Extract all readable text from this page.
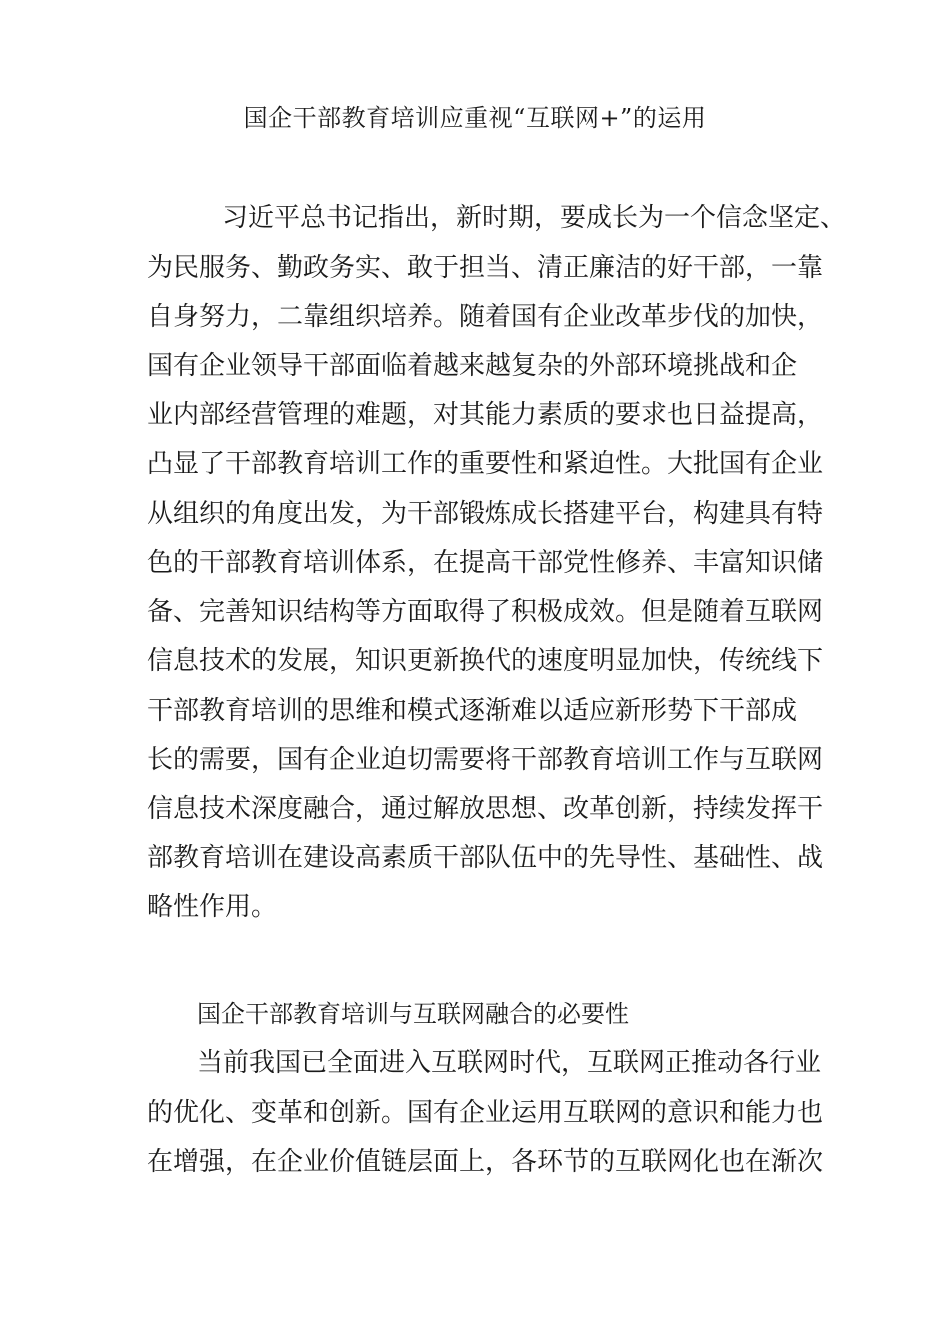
国企干部教育培训应重视“互联网+”的运用
习近平总书记指出，新时期，要成长为一个信念坚定、
为民服务、勤政务实、敢于担当、清正廉洁的好干部，一靠
自身努力，二靠组织培养。随着国有企业改革步伐的加快，
国有企业领导干部面临着越来越复杂的外部环境挑战和企
业内部经营管理的难题，对其能力素质的要求也日益提高，
凸显了干部教育培训工作的重要性和紧迫性。大批国有企业
从组织的角度出发，为干部锻炼成长搭建平台，构建具有特
色的干部教育培训体系，在提高干部党性修养、丰富知识储
备、完善知识结构等方面取得了积极成效。但是随着互联网
信息技术的发展，知识更新换代的速度明显加快，传统线下
干部教育培训的思维和模式逐渐难以适应新形势下干部成
长的需要，国有企业迫切需要将干部教育培训工作与互联网
信息技术深度融合，通过解放思想、改革创新，持续发挥干
部教育培训在建设高素质干部队伍中的先导性、基础性、战
略性作用。
国企干部教育培训与互联网融合的必要性
当前我国已全面进入互联网时代，互联网正推动各行业
的优化、变革和创新。国有企业运用互联网的意识和能力也
在增强，在企业价值链层面上，各环节的互联网化也在渐次
